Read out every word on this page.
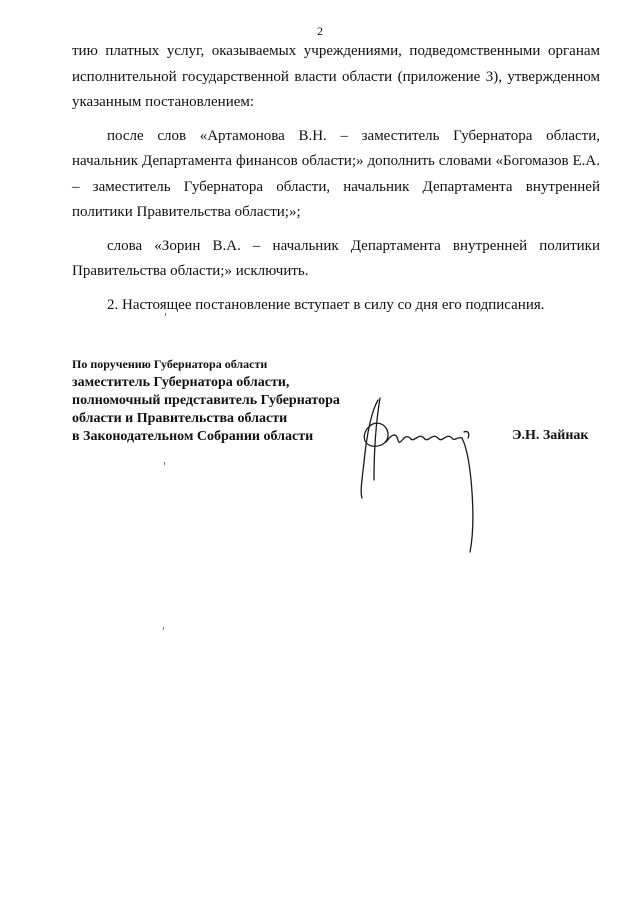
2

тию платных услуг, оказываемых учреждениями, подведомственными органам исполнительной государственной власти области (приложение 3), утвержденном указанным постановлением:

после слов «Артамонова В.Н. – заместитель Губернатора области, начальник Департамента финансов области;» дополнить словами «Богомазов Е.А. – заместитель Губернатора области, начальник Департамента внутренней политики Правительства области;»;

слова «Зорин В.А. – начальник Департамента внутренней политики Правительства области;» исключить.

2. Настоящее постановление вступает в силу со дня его подписания.

По поручению Губернатора области
заместитель Губернатора области,
полномочный представитель Губернатора
области и Правительства области
в Законодательном Собрании области	Э.Н. Зайнак
